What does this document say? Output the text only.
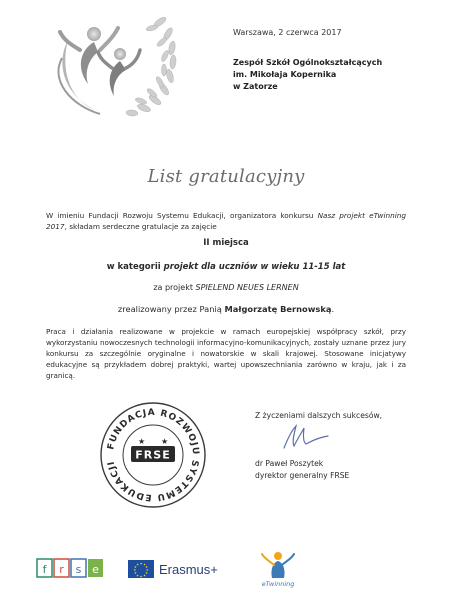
Warszawa, 2 czerwca 2017
Zespół Szkół Ogólnokształcących
im. Mikołaja Kopernika
w Zatorze
List gratulacyjny
W imieniu Fundacji Rozwoju Systemu Edukacji, organizatora konkursu Nasz projekt eTwinning 2017, składam serdeczne gratulacje za zajęcie
II miejsca
w kategorii projekt dla uczniów w wieku 11-15 lat
za projekt SPIELEND NEUES LERNEN
zrealizowany przez Panią Małgorzatę Bernowską.

Praca i działania realizowane w projekcie w ramach europejskiej współpracy szkół, przy wykorzystaniu nowoczesnych technologii informacyjno-komunikacyjnych, zostały uznane przez jury konkursu za szczególnie oryginalne i nowatorskie w skali krajowej. Stosowane inicjatywy edukacyjne są przykładem dobrej praktyki, wartej upowszechniania zarówno w kraju, jak i za granicą.

Z życzeniami dalszych sukcesów,
dr Paweł Poszytek
dyrektor generalny FRSE
FUNDACJA ROZWOJU SYSTEMU EDUKACJI
FRSE
★ ★
f r s e	★ ★
★
★
★
★
★
★
★
★
★
★ Erasmus+
eTwinning
